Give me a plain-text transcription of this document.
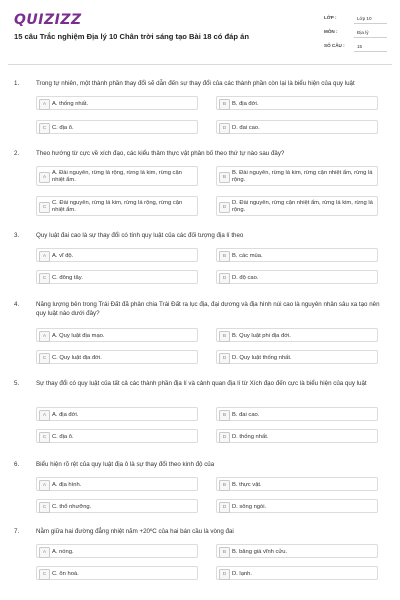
QUIZIZZ
15 câu Trắc nghiệm Địa lý 10 Chân trời sáng tạo Bài 18 có đáp án
LỚP :	Lớp 10
MÔN :	Địa lý
SỐ CÂU :	15
1.	Trong tự nhiên, một thành phần thay đổi sẽ dẫn đến sự thay đổi của các thành phần còn lại là biểu hiện của quy luật
A	A. thống nhất.	B	B. địa đới.
C C. địa ô.	D D. đai cao.
2.	Theo hướng từ cực về xích đạo, các kiểu thảm thực vật phân bố theo thứ tự nào sau đây?
A
A. Đài nguyên, rừng lá rộng, rừng lá kim, rừng cận nhiệt ẩm.	B
B. Đài nguyên, rừng lá kim, rừng cận nhiệt ẩm, rừng lá rộng.
C
C. Đài nguyên, rừng lá kim, rừng lá rộng, rừng cận nhiệt ẩm.	D
D. Đài nguyên, rừng cận nhiệt ẩm, rừng lá kim, rừng lá rộng.
3.	Quy luật đai cao là sự thay đổi có tính quy luật của các đối tượng địa lí theo
A	A. vĩ độ.	B	B. các mùa.
C C. đông tây.	D D. độ cao.
4.	Năng lượng bên trong Trái Đất đã phân chia Trái Đất ra lục địa, đại dương và địa hình núi cao là nguyên nhân sâu xa tạo nên quy luật nào dưới đây?
A	A. Quy luật địa mạo.	B	B. Quy luật phi địa đới.
C C. Quy luật địa đới.	D D. Quy luật thống nhất.
5.	Sự thay đổi có quy luật của tất cả các thành phần địa lí và cảnh quan địa lí từ Xích đạo đến cực là biểu hiện của quy luật
A	A. địa đới.	B	B. đai cao.
C C. địa ô.	D D. thống nhất.
6.	Biểu hiện rõ rệt của quy luật địa ô là sự thay đổi theo kinh độ của
A	A. địa hình.	B	B. thực vật.
C C. thổ nhưỡng.	D D. sông ngòi.
7.	Nằm giữa hai đường đẳng nhiệt năm +20ºC của hai bán cầu là vòng đai
A	A. nóng.	B	B. băng giá vĩnh cửu.
C C. ôn hoà.	D D. lạnh.
